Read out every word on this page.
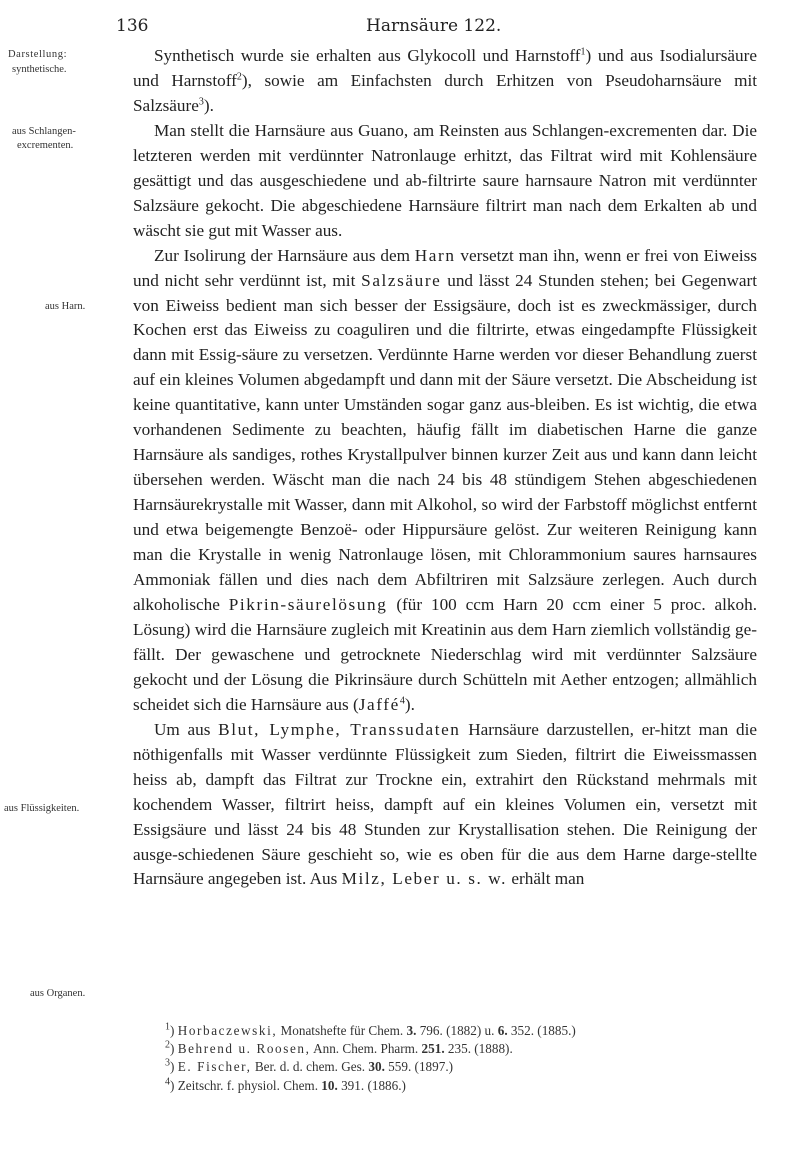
136	Harnsäure 122.
Darstellung:
synthetische.
aus Schlangen-
excrementen.
aus Harn.
aus Flüssigkeiten.
aus Organen.

Synthetisch wurde sie erhalten aus Glykocoll und Harnstoff$^1$) und aus Isodialursäure und Harnstoff$^2$), sowie am Einfachsten durch Erhitzen von Pseudoharnsäure mit Salzsäure$^3$).

Man stellt die Harnsäure aus Guano, am Reinsten aus Schlangen-excrementen dar. Die letzteren werden mit verdünnter Natronlauge erhitzt, das Filtrat wird mit Kohlensäure gesättigt und das ausgeschiedene und ab-filtrirte saure harnsaure Natron mit verdünnter Salzsäure gekocht. Die abgeschiedene Harnsäure filtrirt man nach dem Erkalten ab und wäscht sie gut mit Wasser aus.

Zur Isolirung der Harnsäure aus dem Harn versetzt man ihn, wenn er frei von Eiweiss und nicht sehr verdünnt ist, mit Salzsäure und lässt 24 Stunden stehen; bei Gegenwart von Eiweiss bedient man sich besser der Essigsäure, doch ist es zweckmässiger, durch Kochen erst das Eiweiss zu coaguliren und die filtrirte, etwas eingedampfte Flüssigkeit dann mit Essig-säure zu versetzen. Verdünnte Harne werden vor dieser Behandlung zuerst auf ein kleines Volumen abgedampft und dann mit der Säure versetzt. Die Abscheidung ist keine quantitative, kann unter Umständen sogar ganz aus-bleiben. Es ist wichtig, die etwa vorhandenen Sedimente zu beachten, häufig fällt im diabetischen Harne die ganze Harnsäure als sandiges, rothes Krystallpulver binnen kurzer Zeit aus und kann dann leicht übersehen werden. Wäscht man die nach 24 bis 48 stündigem Stehen abgeschiedenen Harnsäurekrystalle mit Wasser, dann mit Alkohol, so wird der Farbstoff möglichst entfernt und etwa beigemengte Benzoë- oder Hippursäure gelöst. Zur weiteren Reinigung kann man die Krystalle in wenig Natronlauge lösen, mit Chlorammonium saures harnsaures Ammoniak fällen und dies nach dem Abfiltriren mit Salzsäure zerlegen. Auch durch alkoholische Pikrin-säurelösung (für 100 ccm Harn 20 ccm einer 5 proc. alkoh. Lösung) wird die Harnsäure zugleich mit Kreatinin aus dem Harn ziemlich vollständig ge-fällt. Der gewaschene und getrocknete Niederschlag wird mit verdünnter Salzsäure gekocht und der Lösung die Pikrinsäure durch Schütteln mit Aether entzogen; allmählich scheidet sich die Harnsäure aus (Jaffé$^4$).

Um aus Blut, Lymphe, Transsudaten Harnsäure darzustellen, er-hitzt man die nöthigenfalls mit Wasser verdünnte Flüssigkeit zum Sieden, filtrirt die Eiweissmassen heiss ab, dampft das Filtrat zur Trockne ein, extrahirt den Rückstand mehrmals mit kochendem Wasser, filtrirt heiss, dampft auf ein kleines Volumen ein, versetzt mit Essigsäure und lässt 24 bis 48 Stunden zur Krystallisation stehen. Die Reinigung der ausge-schiedenen Säure geschieht so, wie es oben für die aus dem Harne darge-stellte Harnsäure angegeben ist. Aus Milz, Leber u. s. w. erhält man

$^1$) Horbaczewski, Monatshefte für Chem. 3. 796. (1882) u. 6. 352. (1885.)
$^2$) Behrend u. Roosen, Ann. Chem. Pharm. 251. 235. (1888).
$^3$) E. Fischer, Ber. d. d. chem. Ges. 30. 559. (1897.)
$^4$) Zeitschr. f. physiol. Chem. 10. 391. (1886.)
